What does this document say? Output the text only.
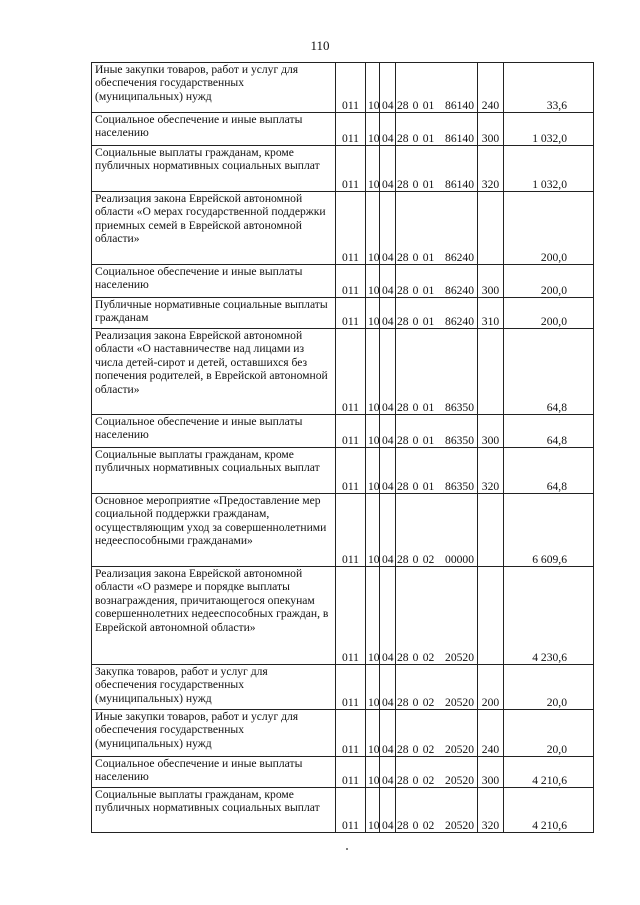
110
Иные закупки товаров, работ и услуг для обеспечения государственных (муниципальных) нужд	011	10	04	28 0 01 86140	240	33,6
Социальное обеспечение и иные выплаты населению	011	10	04	28 0 01 86140	300	1 032,0
Социальные выплаты гражданам, кроме публичных нормативных социальных выплат	011	10	04	28 0 01 86140	320	1 032,0
Реализация закона Еврейской автономной области «О мерах государственной поддержки приемных семей в Еврейской автономной области»	011	10	04	28 0 01 86240		200,0
Социальное обеспечение и иные выплаты населению	011	10	04	28 0 01 86240	300	200,0
Публичные нормативные социальные выплаты гражданам	011	10	04	28 0 01 86240	310	200,0
Реализация закона Еврейской автономной области «О наставничестве над лицами из числа детей-сирот и детей, оставшихся без попечения родителей, в Еврейской автономной области»	011	10	04	28 0 01 86350		64,8
Социальное обеспечение и иные выплаты населению	011	10	04	28 0 01 86350	300	64,8
Социальные выплаты гражданам, кроме публичных нормативных социальных выплат	011	10	04	28 0 01 86350	320	64,8
Основное мероприятие «Предоставление мер социальной поддержки гражданам, осуществляющим уход за совершеннолетними недееспособными гражданами»	011	10	04	28 0 02 00000		6 609,6
Реализация закона Еврейской автономной области «О размере и порядке выплаты вознаграждения, причитающегося опекунам совершеннолетних недееспособных граждан, в Еврейской автономной области»	011	10	04	28 0 02 20520		4 230,6
Закупка товаров, работ и услуг для обеспечения государственных (муниципальных) нужд	011	10	04	28 0 02 20520	200	20,0
Иные закупки товаров, работ и услуг для обеспечения государственных (муниципальных) нужд	011	10	04	28 0 02 20520	240	20,0
Социальное обеспечение и иные выплаты населению	011	10	04	28 0 02 20520	300	4 210,6
Социальные выплаты гражданам, кроме публичных нормативных социальных выплат	011	10	04	28 0 02 20520	320	4 210,6
